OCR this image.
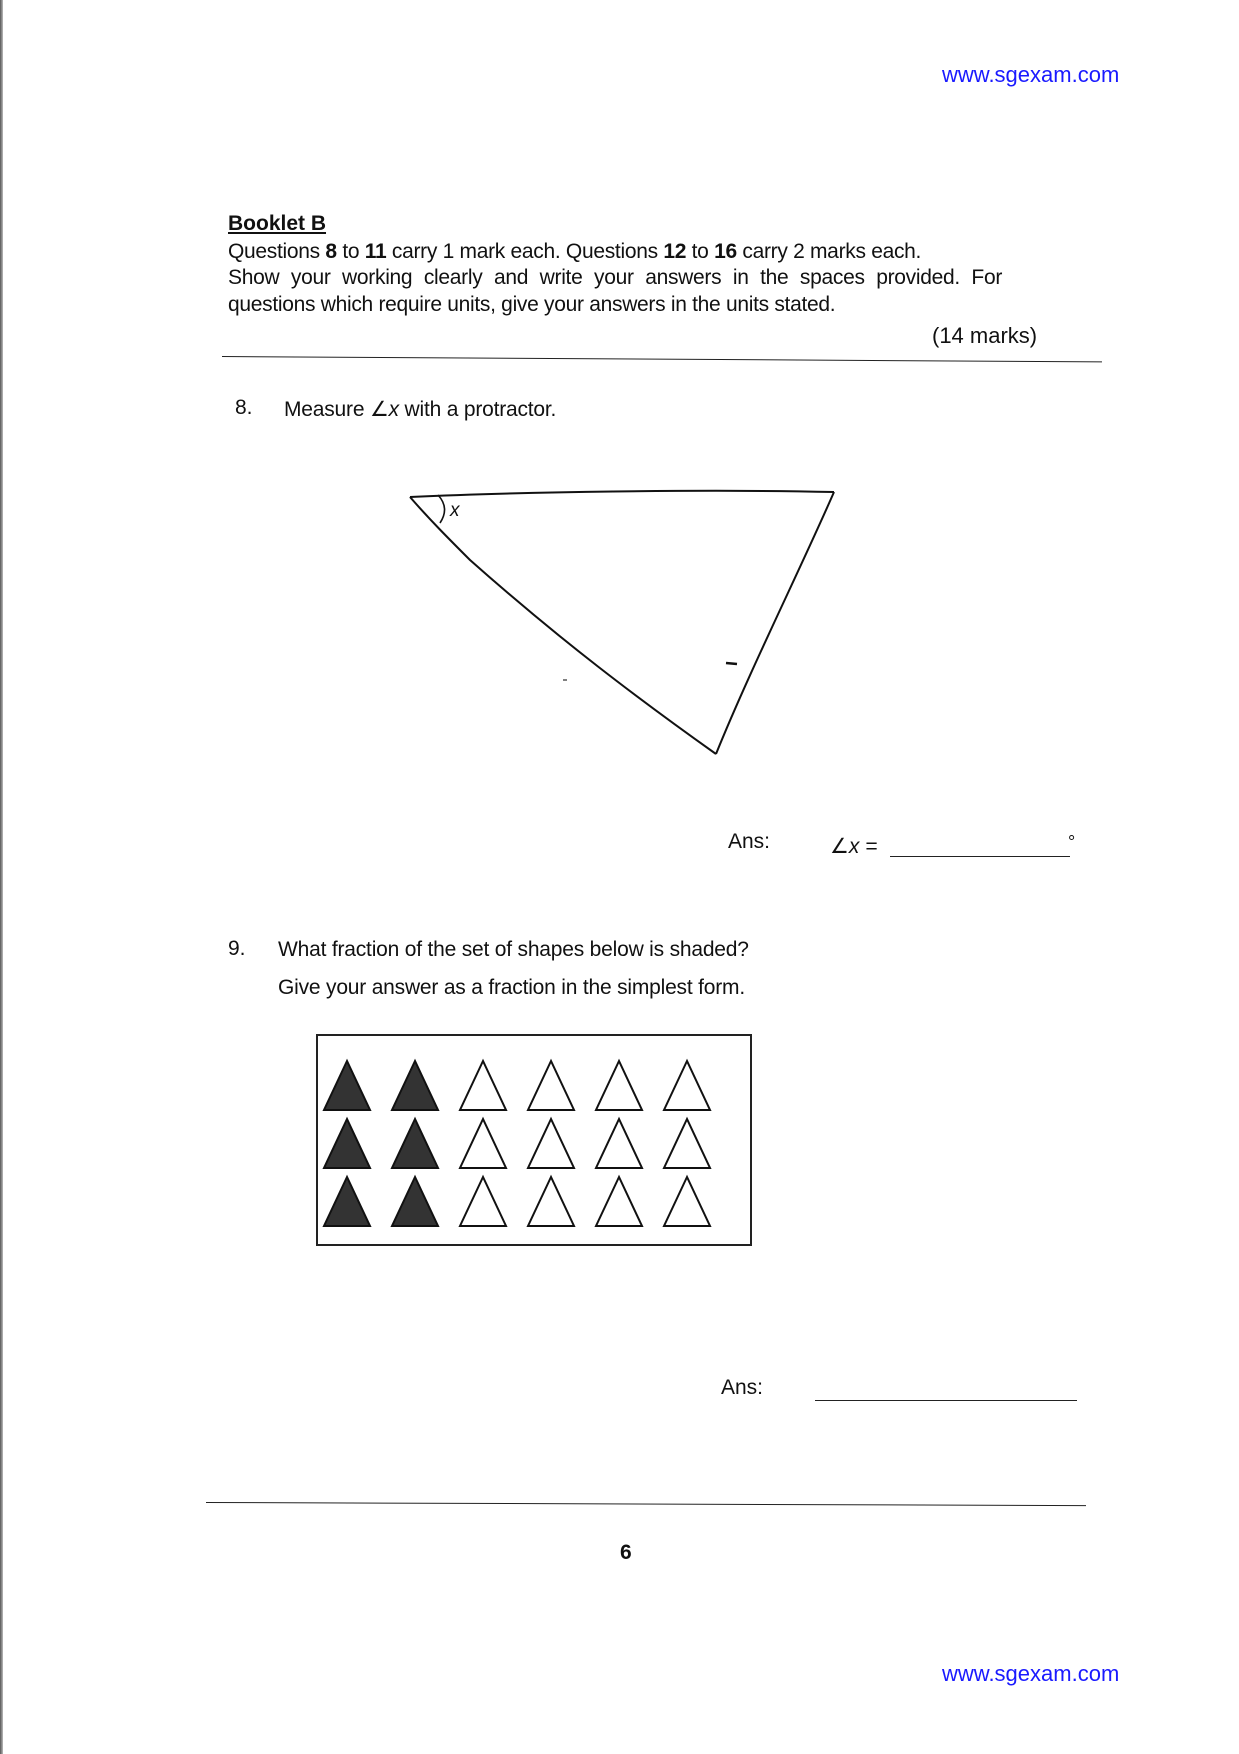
www.sgexam.com
Booklet B
Questions 8 to 11 carry 1 mark each. Questions 12 to 16 carry 2 marks each.
Show your working clearly and write your answers in the spaces provided. For
questions which require units, give your answers in the units stated.
(14 marks)
8. Measure ∠x with a protractor.
x
Ans:	∠x =	°
9. What fraction of the set of shapes below is shaded?
Give your answer as a fraction in the simplest form.
Ans:
6
www.sgexam.com
